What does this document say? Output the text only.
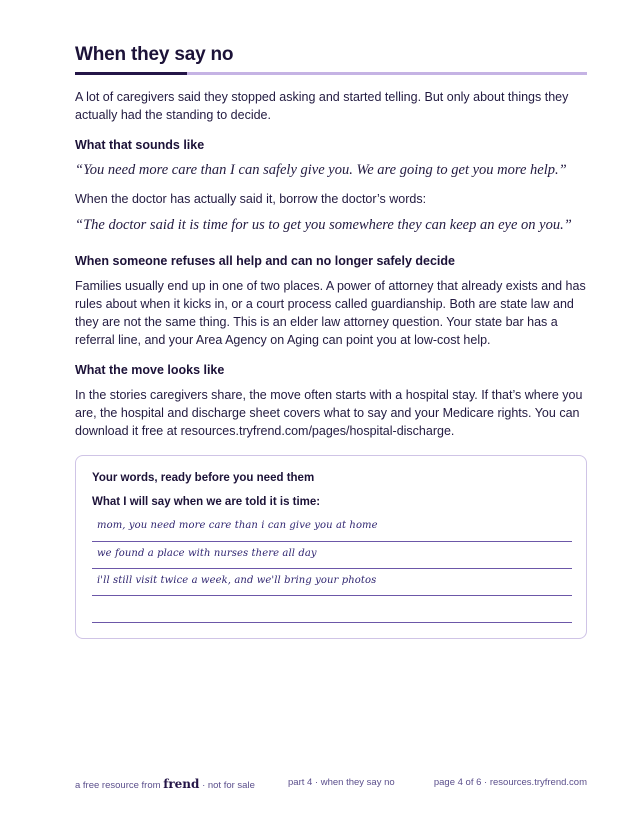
When they say no
A lot of caregivers said they stopped asking and started telling. But only about things they actually had the standing to decide.
What that sounds like
“You need more care than I can safely give you. We are going to get you more help.”
When the doctor has actually said it, borrow the doctor’s words:
“The doctor said it is time for us to get you somewhere they can keep an eye on you.”
When someone refuses all help and can no longer safely decide
Families usually end up in one of two places. A power of attorney that already exists and has rules about when it kicks in, or a court process called guardianship. Both are state law and they are not the same thing. This is an elder law attorney question. Your state bar has a referral line, and your Area Agency on Aging can point you at low-cost help.
What the move looks like
In the stories caregivers share, the move often starts with a hospital stay. If that’s where you are, the hospital and discharge sheet covers what to say and your Medicare rights. You can download it free at resources.tryfrend.com/pages/hospital-discharge.
Your words, ready before you need them
What I will say when we are told it is time:
mom, you need more care than i can give you at home
we found a place with nurses there all day
i'll still visit twice a week, and we'll bring your photos
a free resource from frend · not for sale	part 4 · when they say no	page 4 of 6 · resources.tryfrend.com
